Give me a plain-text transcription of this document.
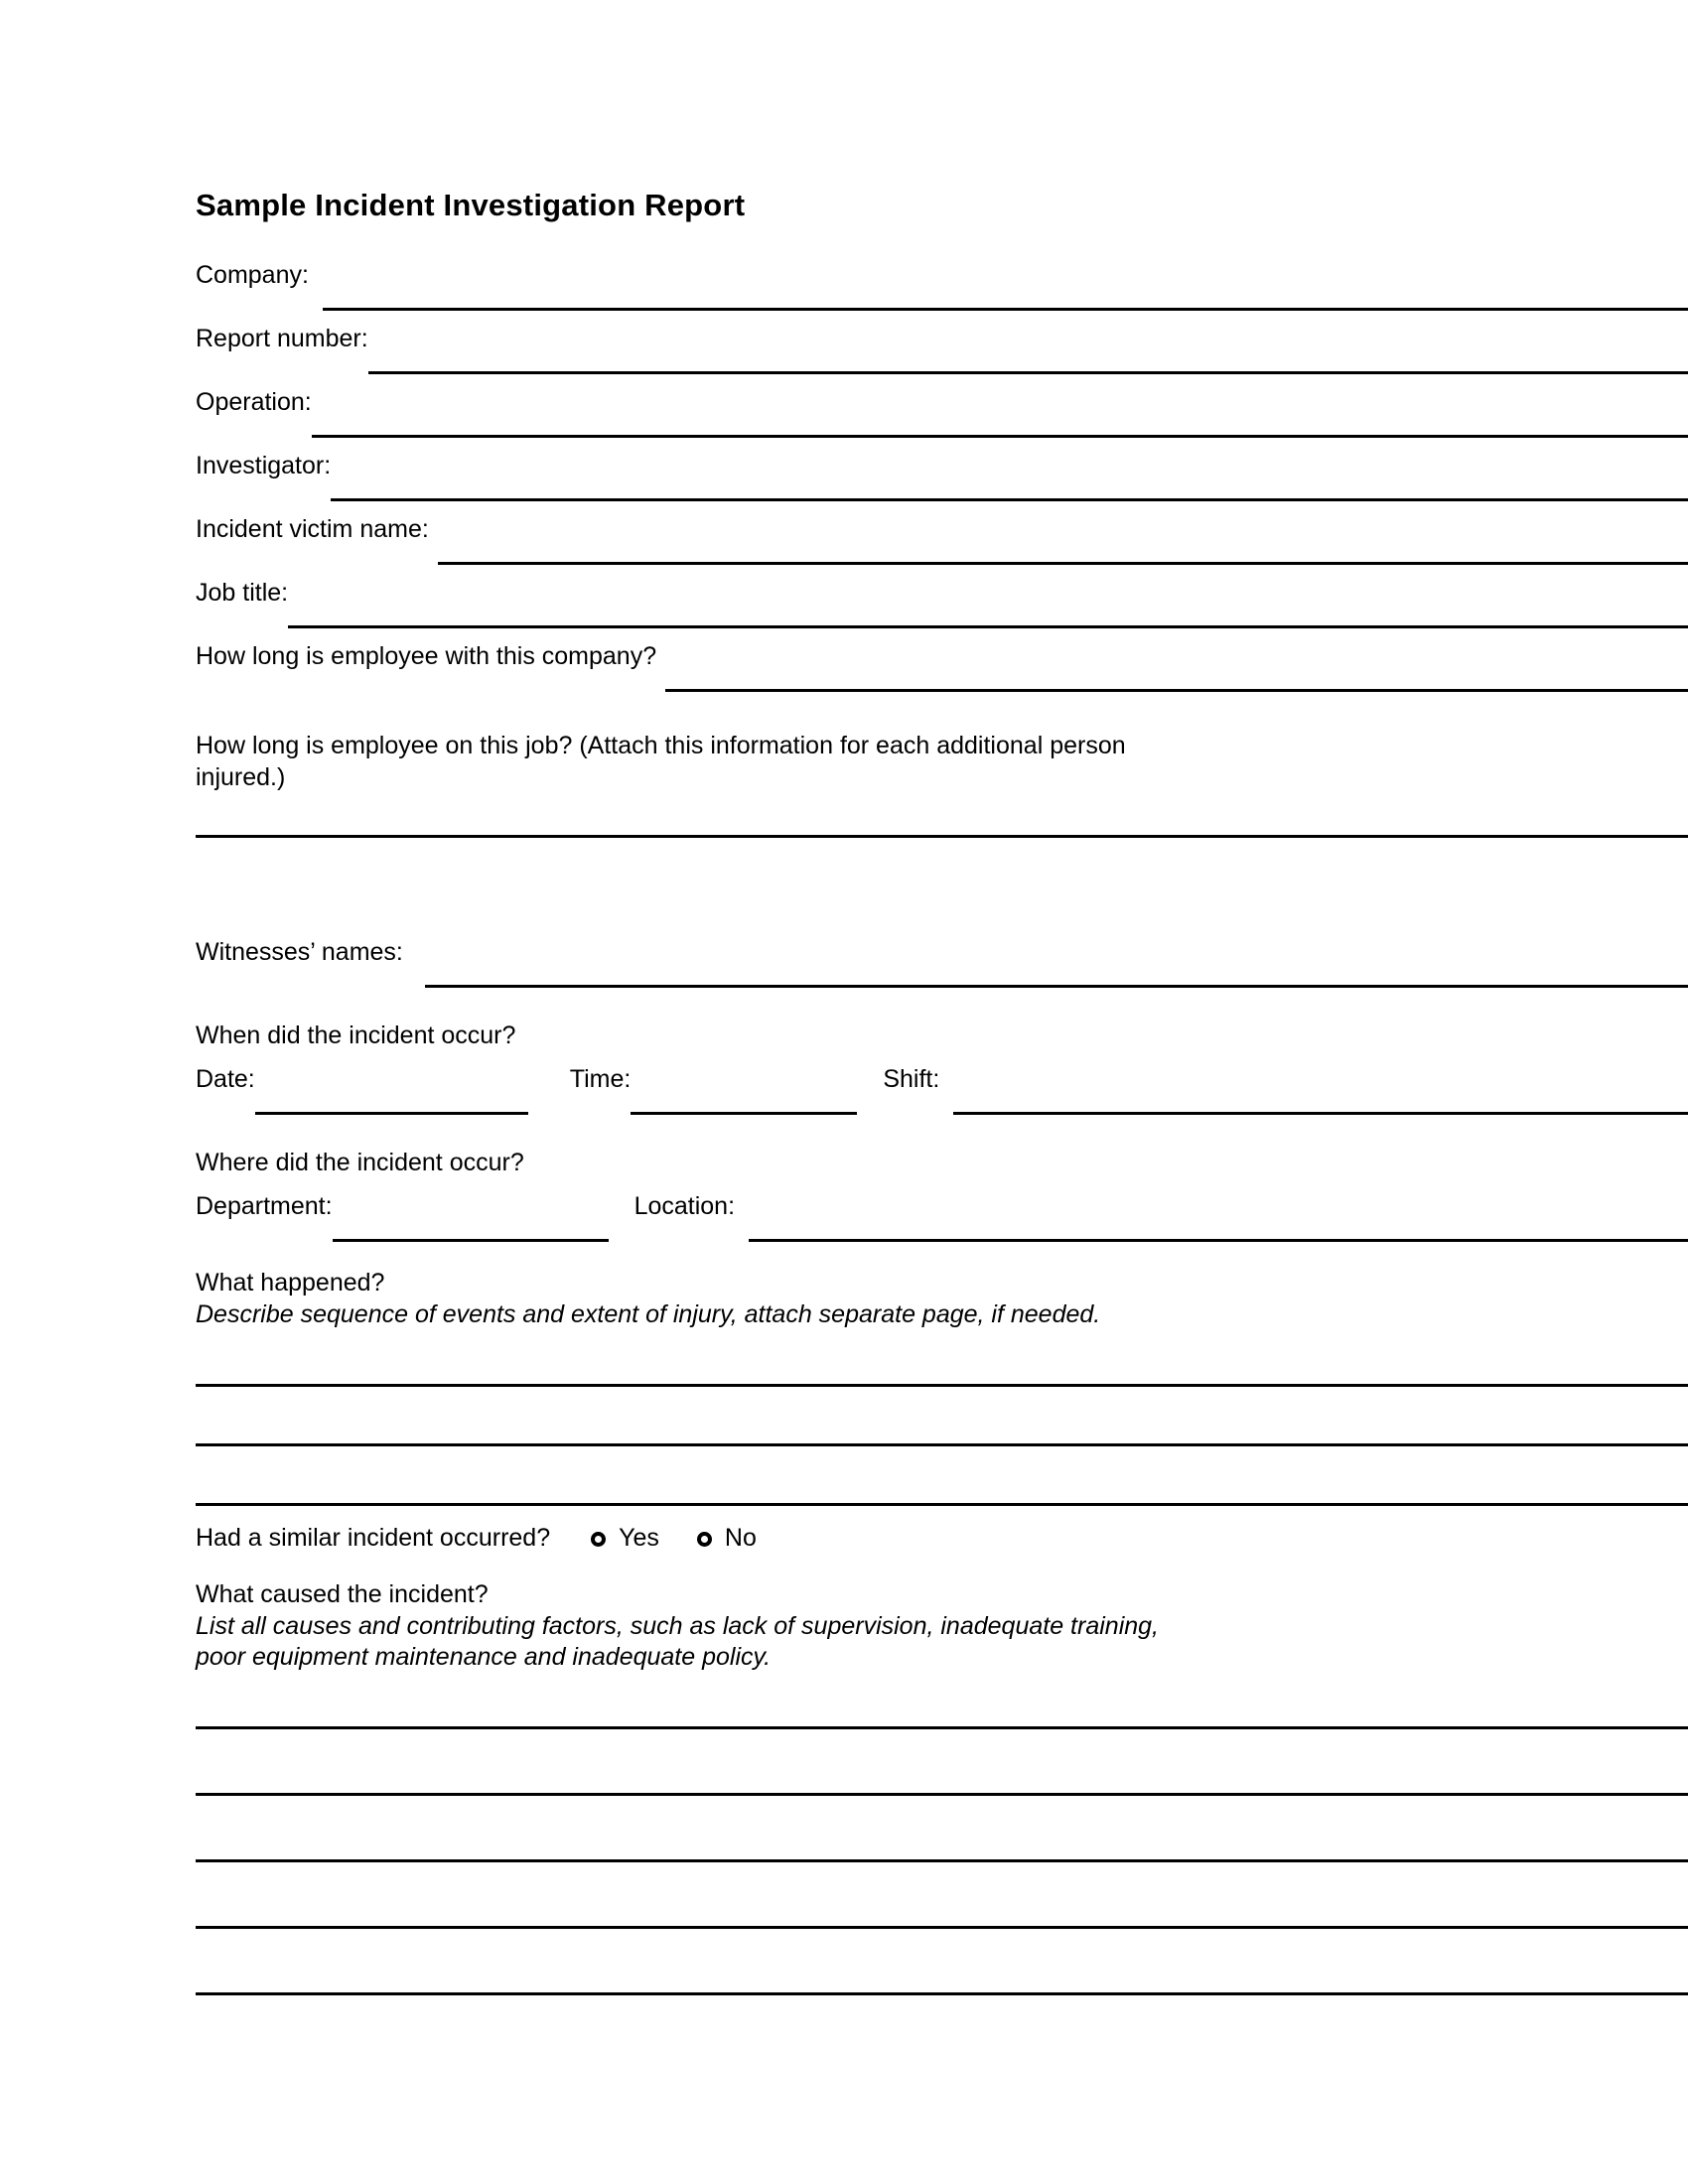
Sample Incident Investigation Report
Company:
Report number:
Operation:
Investigator:
Incident victim name:
Job title:
How long is employee with this company?

How long is employee on this job? (Attach this information for each additional person
injured.)

Witnesses’ names:
When did the incident occur?
Date:	Time:	Shift:
Where did the incident occur?
Department:	Location:

What happened?
Describe sequence of events and extent of injury, attach separate page, if needed.

Had a similar incident occurred?	Yes	No

What caused the incident?
List all causes and contributing factors, such as lack of supervision, inadequate training,
poor equipment maintenance and inadequate policy.
